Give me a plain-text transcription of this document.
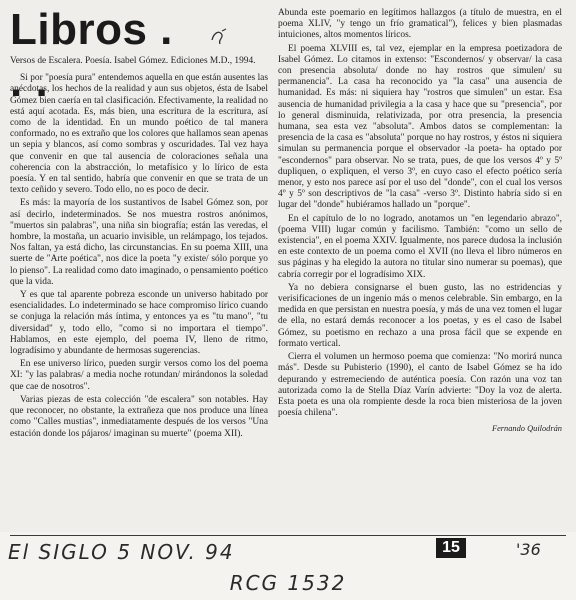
Libros . . .

Versos de Escalera. Poesía. Isabel Gómez. Ediciones M.D., 1994.

Si por "poesía pura" entendemos aquella en que están ausentes las anécdotas, los hechos de la realidad y aun sus objetos, ésta de Isabel Gómez bien caería en tal clasificación. Efectivamente, la realidad no está aquí acotada. Es, más bien, una escritura de la escritura, así como de la identidad. En un mundo poético de tal manera conformado, no es extraño que los colores que hallamos sean apenas un sepia y blancos, así como sombras y oscuridades. Tal vez haya que convenir en que tal ausencia de coloraciones señala una coherencia con la abstracción, lo metafísico y lo lírico de esta poesía. Y en tal sentido, habría que convenir en que se trata de un texto ceñido y severo. Todo ello, no es poco de decir.

Es más: la mayoría de los sustantivos de Isabel Gómez son, por así decirlo, indeterminados. Se nos muestra rostros anónimos, "muertos sin palabras", una niña sin biografía; están las veredas, el hombre, la mostaña, un acuario invisible, un relámpago, los tejados. Nos faltan, ya está dicho, las circunstancias. En su poema XIII, una suerte de "Arte poética", nos dice la poeta "y existe/ sólo porque yo lo pienso". La realidad como dato imaginado, o pensamiento poético que la vida.

Y es que tal aparente pobreza esconde un universo habitado por esencialidades. Lo indeterminado se hace compromiso lírico cuando se conjuga la relación más íntima, y entonces ya es "tu mano", "tu diversidad" y, todo ello, "como si no importara el tiempo". Hablamos, en este ejemplo, del poema IV, lleno de ritmo, logradísimo y abundante de hermosas sugerencias.

En ese universo lírico, pueden surgir versos como los del poema XI: "y las palabras/ a media noche rotundan/ mirándonos la soledad que cae de nosotros".

Varias piezas de esta colección "de escalera" son notables. Hay que reconocer, no obstante, la extrañeza que nos produce una línea como "Calles mustias", inmediatamente después de los versos "Una estación donde los pájaros/ imaginan su muerte" (poema XII).

Abunda este poemario en legítimos hallazgos (a título de muestra, en el poema XLIV, "y tengo un frío gramatical"), felices y bien plasmadas intuiciones, altos momentos líricos.

El poema XLVIII es, tal vez, ejemplar en la empresa poetizadora de Isabel Gómez. Lo citamos in extenso: "Escondernos/ y observar/ la casa con presencia absoluta/ donde no hay rostros que simulen/ su permanencia". La casa ha reconocido ya "la casa" una ausencia de humanidad. Es más: ni siquiera hay "rostros que simulen" un estar. Esa ausencia de humanidad privilegia a la casa y hace que su "presencia", por lo general disminuida, relativizada, por otra presencia, la presencia humana, sea esta vez "absoluta". Ambos datos se complementan: la presencia de la casa es "absoluta" porque no hay rostros, y éstos ni siquiera simulan su permanencia porque el observador -la poeta- ha optado por "escondernos" para observar. No se trata, pues, de que los versos 4º y 5º dupliquen, o expliquen, el verso 3º, en cuyo caso el efecto poético sería menor, y esto nos parece así por el uso del "donde", con el cual los versos 4º y 5º son descriptivos de "la casa" -verso 3º. Distinto habría sido si en lugar del "donde" hubiéramos hallado un "porque".

En el capítulo de lo no logrado, anotamos un "en legendario abrazo", (poema VIII) lugar común y facilismo. También: "como un sello de existencia", en el poema XXIV. Igualmente, nos parece dudosa la inclusión en este contexto de un poema como el XVII (no lleva el libro números en sus páginas y ha elegido la autora no titular sino numerar su poemas), que cabría corregir por el logradísimo XIX.

Ya no debiera consignarse el buen gusto, las no estridencias y verisificaciones de un ingenio más o menos celebrable. Sin embargo, en la medida en que persistan en nuestra poesía, y más de una vez tomen el lugar de ella, no estará demás reconocer a los poetas, y es el caso de Isabel Gómez, su poetismo en rechazo a una prosa fácil que se expende en formato vertical.

Cierra el volumen un hermoso poema que comienza: "No morirá nunca más". Desde su Pubisterio (1990), el canto de Isabel Gómez se ha ido depurando y estremeciendo de auténtica poesía. Con razón una voz tan autorizada como la de Stella Díaz Varín advierte: "Doy la voz de alerta. Esta poeta es una ola rompiente desde la roca bien misteriosa de la joven poesía chilena".

Fernando Quilodrán
El SIGLO 5 NOV. 94	15	'36
RCG 1532
